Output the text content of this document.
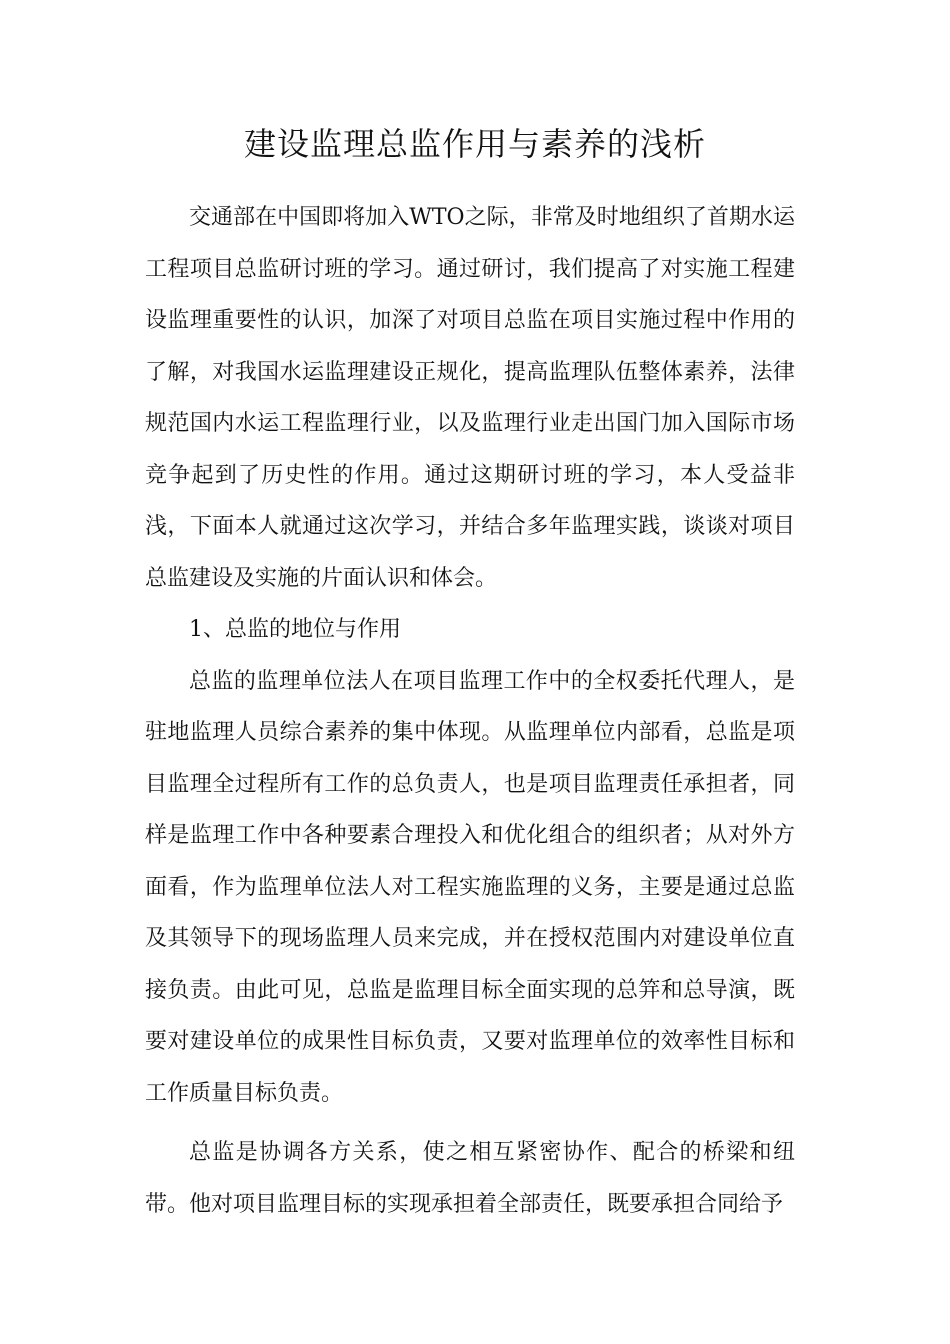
建设监理总监作用与素养的浅析

交通部在中国即将加入WTO之际，非常及时地组织了首期水运工程项目总监研讨班的学习。通过研讨，我们提高了对实施工程建设监理重要性的认识，加深了对项目总监在项目实施过程中作用的了解，对我国水运监理建设正规化，提高监理队伍整体素养，法律规范国内水运工程监理行业，以及监理行业走出国门加入国际市场竞争起到了历史性的作用。通过这期研讨班的学习，本人受益非浅，下面本人就通过这次学习，并结合多年监理实践，谈谈对项目总监建设及实施的片面认识和体会。

1、总监的地位与作用

总监的监理单位法人在项目监理工作中的全权委托代理人，是驻地监理人员综合素养的集中体现。从监理单位内部看，总监是项目监理全过程所有工作的总负责人，也是项目监理责任承担者，同样是监理工作中各种要素合理投入和优化组合的组织者；从对外方面看，作为监理单位法人对工程实施监理的义务，主要是通过总监及其领导下的现场监理人员来完成，并在授权范围内对建设单位直接负责。由此可见，总监是监理目标全面实现的总笄和总导演，既要对建设单位的成果性目标负责，又要对监理单位的效率性目标和工作质量目标负责。

总监是协调各方关系，使之相互紧密协作、配合的桥梁和纽带。他对项目监理目标的实现承担着全部责任，既要承担合同给予
